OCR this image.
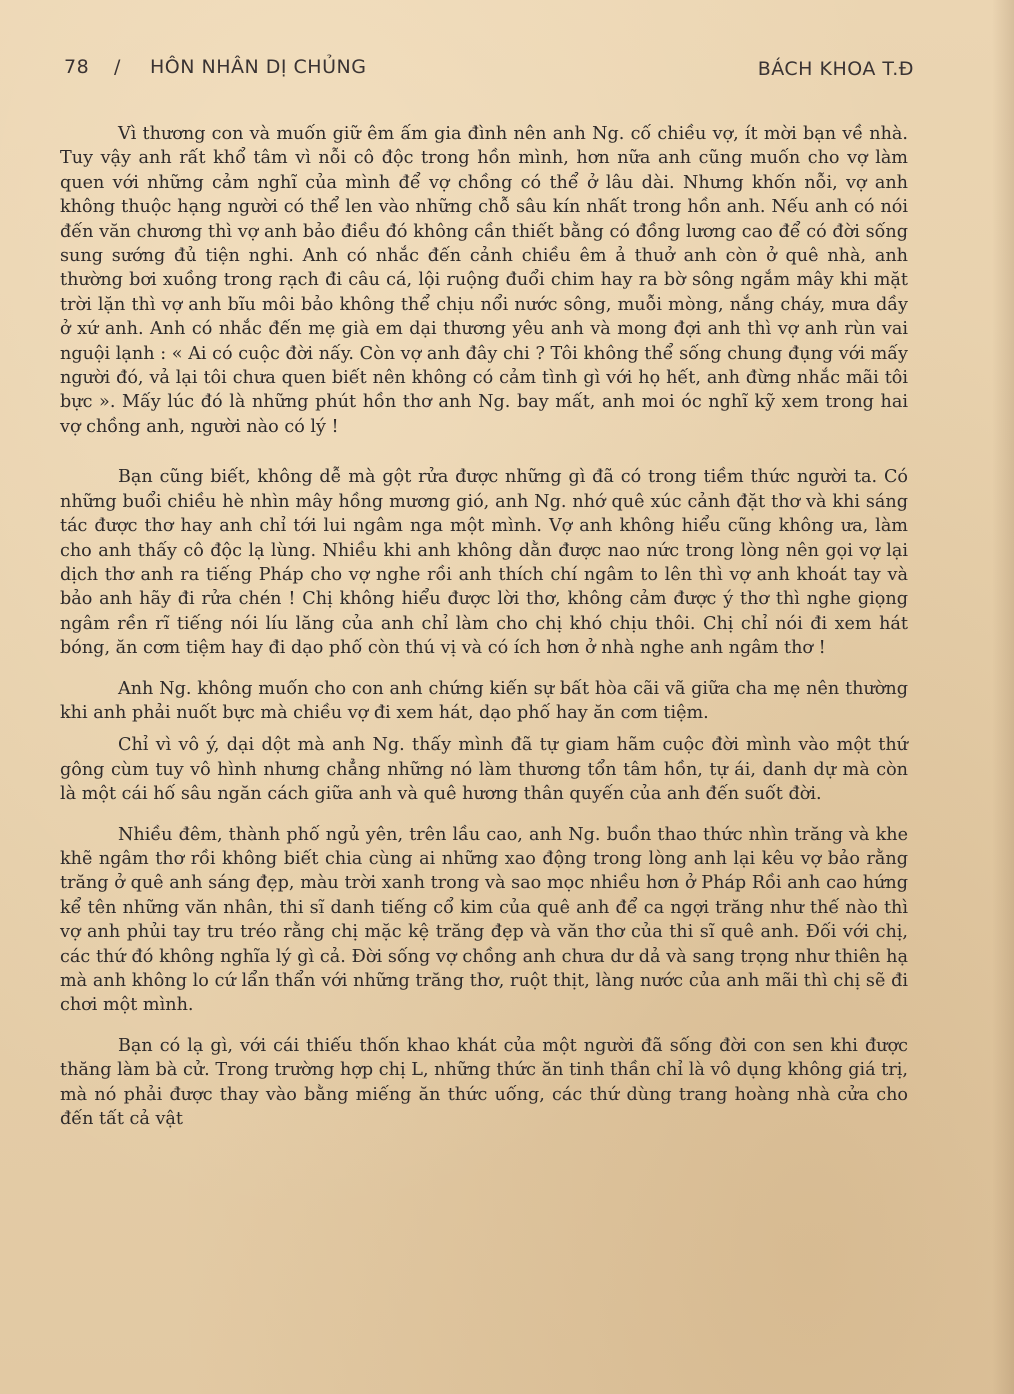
78 / HÔN NHÂN DỊ CHỦNG	BÁCH KHOA T.Đ

Vì thương con và muốn giữ êm ấm gia đình nên anh Ng. cố chiều vợ, ít mời bạn về nhà. Tuy vậy anh rất khổ tâm vì nỗi cô độc trong hồn mình, hơn nữa anh cũng muốn cho vợ làm quen với những cảm nghĩ của mình để vợ chồng có thể ở lâu dài. Nhưng khốn nỗi, vợ anh không thuộc hạng người có thể len vào những chỗ sâu kín nhất trong hồn anh. Nếu anh có nói đến văn chương thì vợ anh bảo điều đó không cần thiết bằng có đồng lương cao để có đời sống sung sướng đủ tiện nghi. Anh có nhắc đến cảnh chiều êm ả thuở anh còn ở quê nhà, anh thường bơi xuồng trong rạch đi câu cá, lội ruộng đuổi chim hay ra bờ sông ngắm mây khi mặt trời lặn thì vợ anh bĩu môi bảo không thể chịu nổi nước sông, muỗi mòng, nắng cháy, mưa dầy ở xứ anh. Anh có nhắc đến mẹ già em dại thương yêu anh và mong đợi anh thì vợ anh rùn vai nguội lạnh : « Ai có cuộc đời nấy. Còn vợ anh đây chi ? Tôi không thể sống chung đụng với mấy người đó, vả lại tôi chưa quen biết nên không có cảm tình gì với họ hết, anh đừng nhắc mãi tôi bực ». Mấy lúc đó là những phút hồn thơ anh Ng. bay mất, anh moi óc nghĩ kỹ xem trong hai vợ chồng anh, người nào có lý !

Bạn cũng biết, không dễ mà gột rửa được những gì đã có trong tiềm thức người ta. Có những buổi chiều hè nhìn mây hồng mương gió, anh Ng. nhớ quê xúc cảnh đặt thơ và khi sáng tác được thơ hay anh chỉ tới lui ngâm nga một mình. Vợ anh không hiểu cũng không ưa, làm cho anh thấy cô độc lạ lùng. Nhiều khi anh không dằn được nao nức trong lòng nên gọi vợ lại dịch thơ anh ra tiếng Pháp cho vợ nghe rồi anh thích chí ngâm to lên thì vợ anh khoát tay và bảo anh hãy đi rửa chén ! Chị không hiểu được lời thơ, không cảm được ý thơ thì nghe giọng ngâm rền rĩ tiếng nói líu lăng của anh chỉ làm cho chị khó chịu thôi. Chị chỉ nói đi xem hát bóng, ăn cơm tiệm hay đi dạo phố còn thú vị và có ích hơn ở nhà nghe anh ngâm thơ !

Anh Ng. không muốn cho con anh chứng kiến sự bất hòa cãi vã giữa cha mẹ nên thường khi anh phải nuốt bực mà chiều vợ đi xem hát, dạo phố hay ăn cơm tiệm.

Chỉ vì vô ý, dại dột mà anh Ng. thấy mình đã tự giam hãm cuộc đời mình vào một thứ gông cùm tuy vô hình nhưng chẳng những nó làm thương tổn tâm hồn, tự ái, danh dự mà còn là một cái hố sâu ngăn cách giữa anh và quê hương thân quyến của anh đến suốt đời.

Nhiều đêm, thành phố ngủ yên, trên lầu cao, anh Ng. buồn thao thức nhìn trăng và khe khẽ ngâm thơ rồi không biết chia cùng ai những xao động trong lòng anh lại kêu vợ bảo rằng trăng ở quê anh sáng đẹp, màu trời xanh trong và sao mọc nhiều hơn ở Pháp Rồi anh cao hứng kể tên những văn nhân, thi sĩ danh tiếng cổ kim của quê anh để ca ngợi trăng như thế nào thì vợ anh phủi tay tru tréo rằng chị mặc kệ trăng đẹp và văn thơ của thi sĩ quê anh. Đối với chị, các thứ đó không nghĩa lý gì cả. Đời sống vợ chồng anh chưa dư dả và sang trọng như thiên hạ mà anh không lo cứ lẩn thẩn với những trăng thơ, ruột thịt, làng nước của anh mãi thì chị sẽ đi chơi một mình.

Bạn có lạ gì, với cái thiếu thốn khao khát của một người đã sống đời con sen khi được thăng làm bà cử. Trong trường hợp chị L, những thức ăn tinh thần chỉ là vô dụng không giá trị, mà nó phải được thay vào bằng miếng ăn thức uống, các thứ dùng trang hoàng nhà cửa cho đến tất cả vật
